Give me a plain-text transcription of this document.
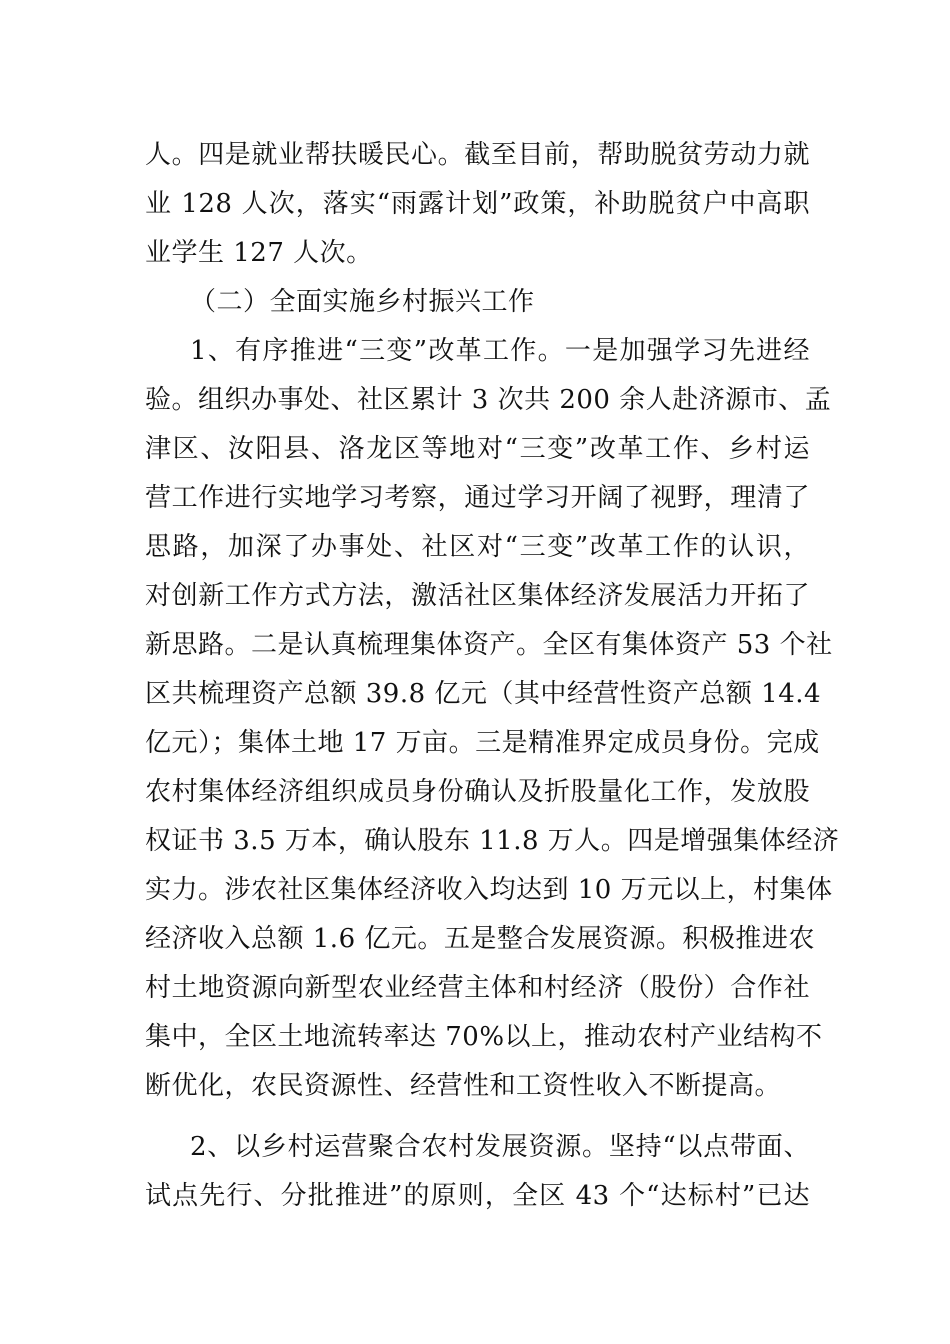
人。四是就业帮扶暖民心。截至目前，帮助脱贫劳动力就
业 128 人次，落实“雨露计划”政策，补助脱贫户中高职
业学生 127 人次。
（二）全面实施乡村振兴工作
1、有序推进“三变”改革工作。一是加强学习先进经
验。组织办事处、社区累计 3 次共 200 余人赴济源市、孟
津区、汝阳县、洛龙区等地对“三变”改革工作、乡村运
营工作进行实地学习考察，通过学习开阔了视野，理清了
思路，加深了办事处、社区对“三变”改革工作的认识，
对创新工作方式方法，激活社区集体经济发展活力开拓了
新思路。二是认真梳理集体资产。全区有集体资产 53 个社
区共梳理资产总额 39.8 亿元（其中经营性资产总额 14.4
亿元）；集体土地 17 万亩。三是精准界定成员身份。完成
农村集体经济组织成员身份确认及折股量化工作，发放股
权证书 3.5 万本，确认股东 11.8 万人。四是增强集体经济
实力。涉农社区集体经济收入均达到 10 万元以上，村集体
经济收入总额 1.6 亿元。五是整合发展资源。积极推进农
村土地资源向新型农业经营主体和村经济（股份）合作社
集中，全区土地流转率达 70%以上，推动农村产业结构不
断优化，农民资源性、经营性和工资性收入不断提高。
2、以乡村运营聚合农村发展资源。坚持“以点带面、
试点先行、分批推进”的原则，全区 43 个“达标村”已达
